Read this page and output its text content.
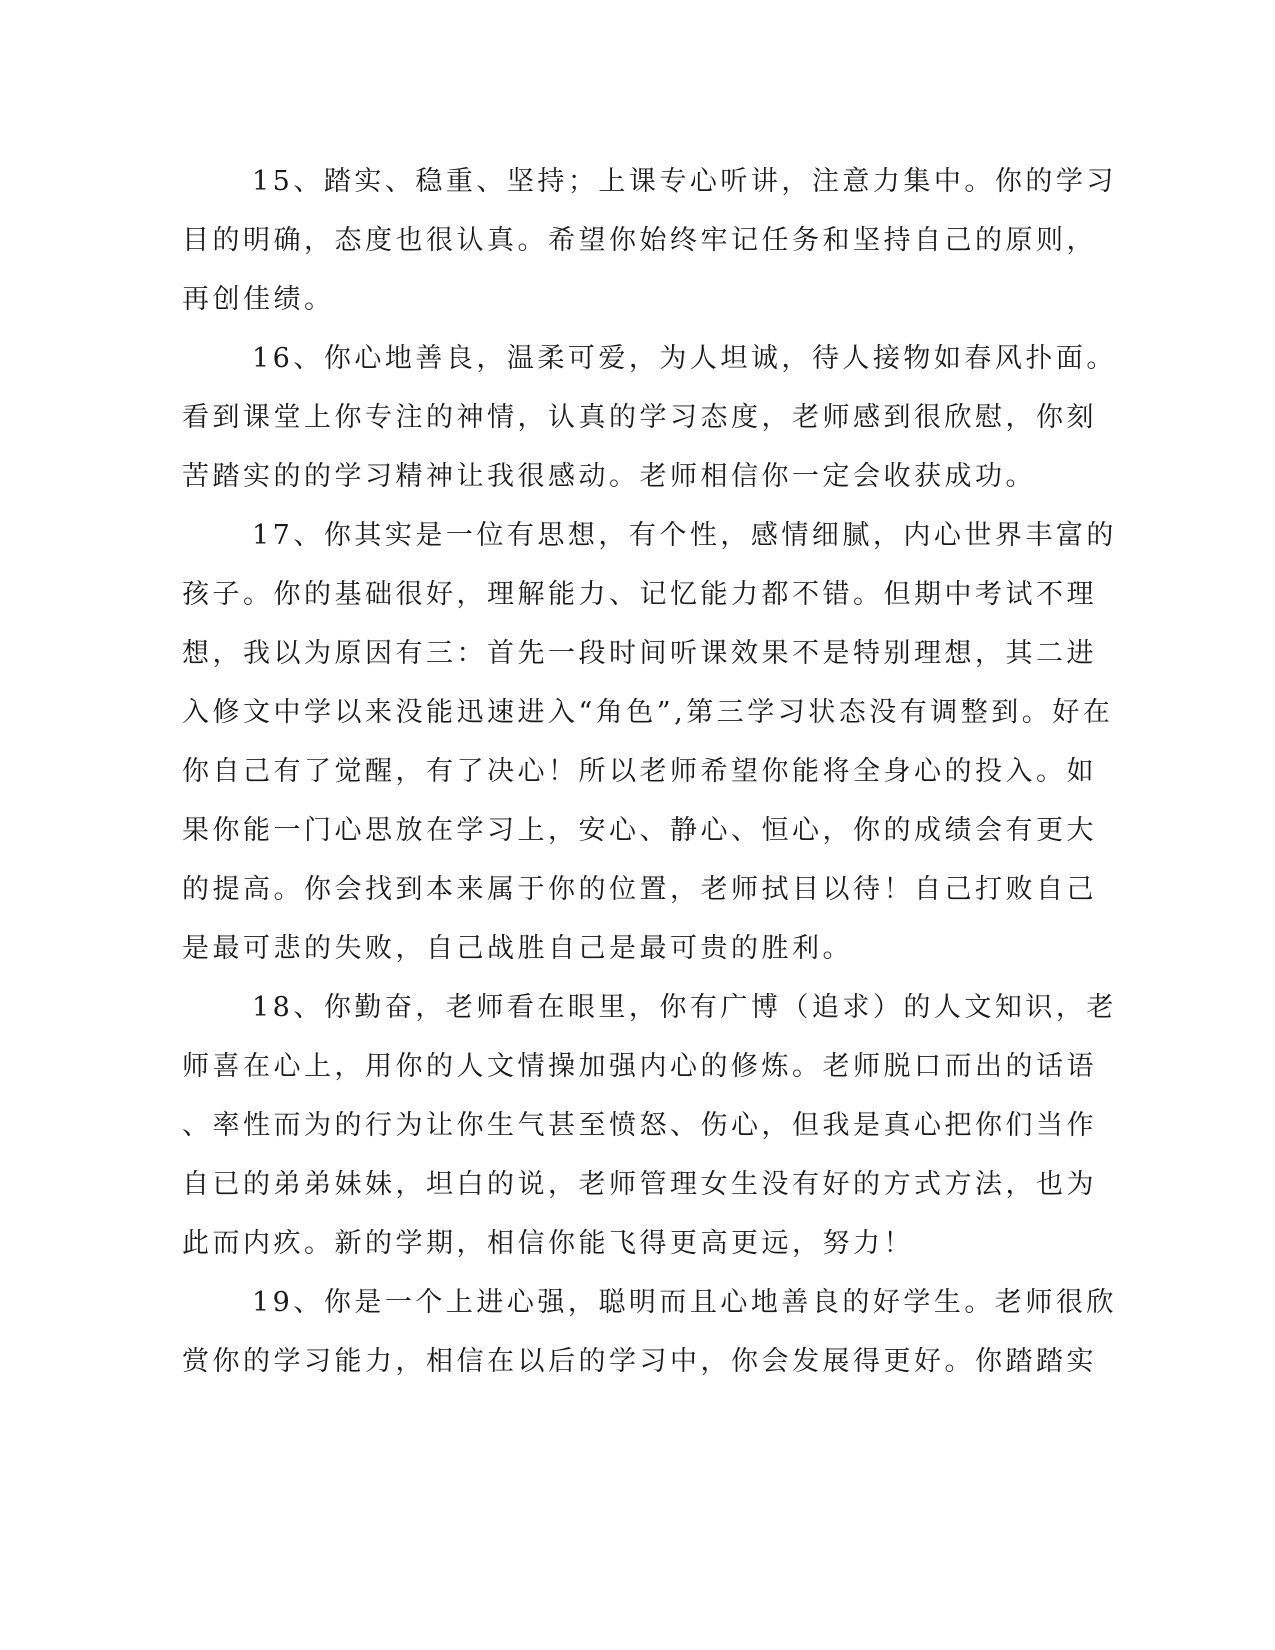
15、踏实、稳重、坚持；上课专心听讲，注意力集中。你的学习
目的明确，态度也很认真。希望你始终牢记任务和坚持自己的原则，
再创佳绩。
16、你心地善良，温柔可爱，为人坦诚，待人接物如春风扑面。
看到课堂上你专注的神情，认真的学习态度，老师感到很欣慰，你刻
苦踏实的的学习精神让我很感动。老师相信你一定会收获成功。
17、你其实是一位有思想，有个性，感情细腻，内心世界丰富的
孩子。你的基础很好，理解能力、记忆能力都不错。但期中考试不理
想，我以为原因有三：首先一段时间听课效果不是特别理想，其二进
入修文中学以来没能迅速进入“角色”,第三学习状态没有调整到。好在
你自己有了觉醒，有了决心！所以老师希望你能将全身心的投入。如
果你能一门心思放在学习上，安心、静心、恒心，你的成绩会有更大
的提高。你会找到本来属于你的位置，老师拭目以待！自己打败自己
是最可悲的失败，自己战胜自己是最可贵的胜利。
18、你勤奋，老师看在眼里，你有广博（追求）的人文知识，老
师喜在心上，用你的人文情操加强内心的修炼。老师脱口而出的话语
、率性而为的行为让你生气甚至愤怒、伤心，但我是真心把你们当作
自已的弟弟妹妹，坦白的说，老师管理女生没有好的方式方法，也为
此而内疚。新的学期，相信你能飞得更高更远，努力！
19、你是一个上进心强，聪明而且心地善良的好学生。老师很欣
赏你的学习能力，相信在以后的学习中，你会发展得更好。你踏踏实
